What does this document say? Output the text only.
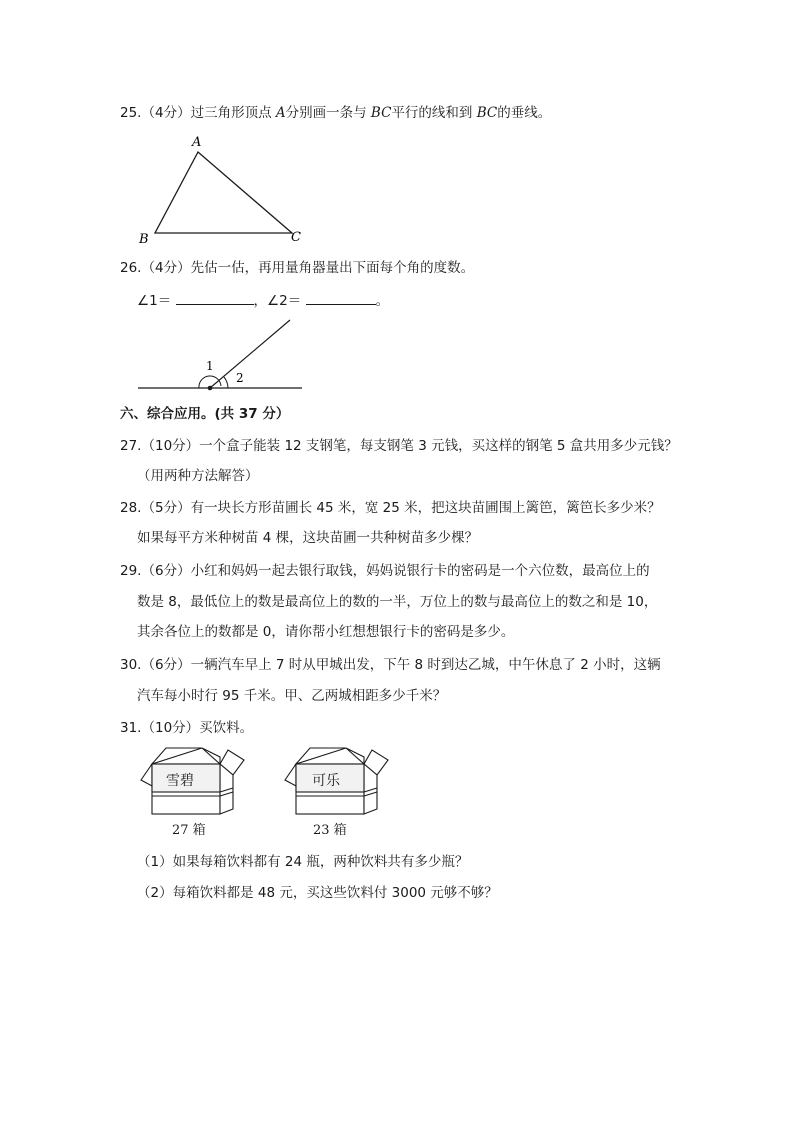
25.（4分）过三角形顶点 A分别画一条与 BC平行的线和到 BC的垂线。
A
B	C
26.（4分）先估一估，再用量角器量出下面每个角的度数。
∠1＝	，∠2＝	。
1
2
六、综合应用。(共 37 分）
27.（10分）一个盒子能装 12 支钢笔，每支钢笔 3 元钱，买这样的钢笔 5 盒共用多少元钱？
（用两种方法解答）
28.（5分）有一块长方形苗圃长 45 米，宽 25 米，把这块苗圃围上篱笆，篱笆长多少米？
如果每平方米种树苗 4 棵，这块苗圃一共种树苗多少棵？
29.（6分）小红和妈妈一起去银行取钱，妈妈说银行卡的密码是一个六位数，最高位上的
数是 8，最低位上的数是最高位上的数的一半，万位上的数与最高位上的数之和是 10，
其余各位上的数都是 0，请你帮小红想想银行卡的密码是多少。
30.（6分）一辆汽车早上 7 时从甲城出发，下午 8 时到达乙城，中午休息了 2 小时，这辆
汽车每小时行 95 千米。甲、乙两城相距多少千米？
31.（10分）买饮料。
雪碧
27 箱
可乐
23 箱
（1）如果每箱饮料都有 24 瓶，两种饮料共有多少瓶？
（2）每箱饮料都是 48 元，买这些饮料付 3000 元够不够？
